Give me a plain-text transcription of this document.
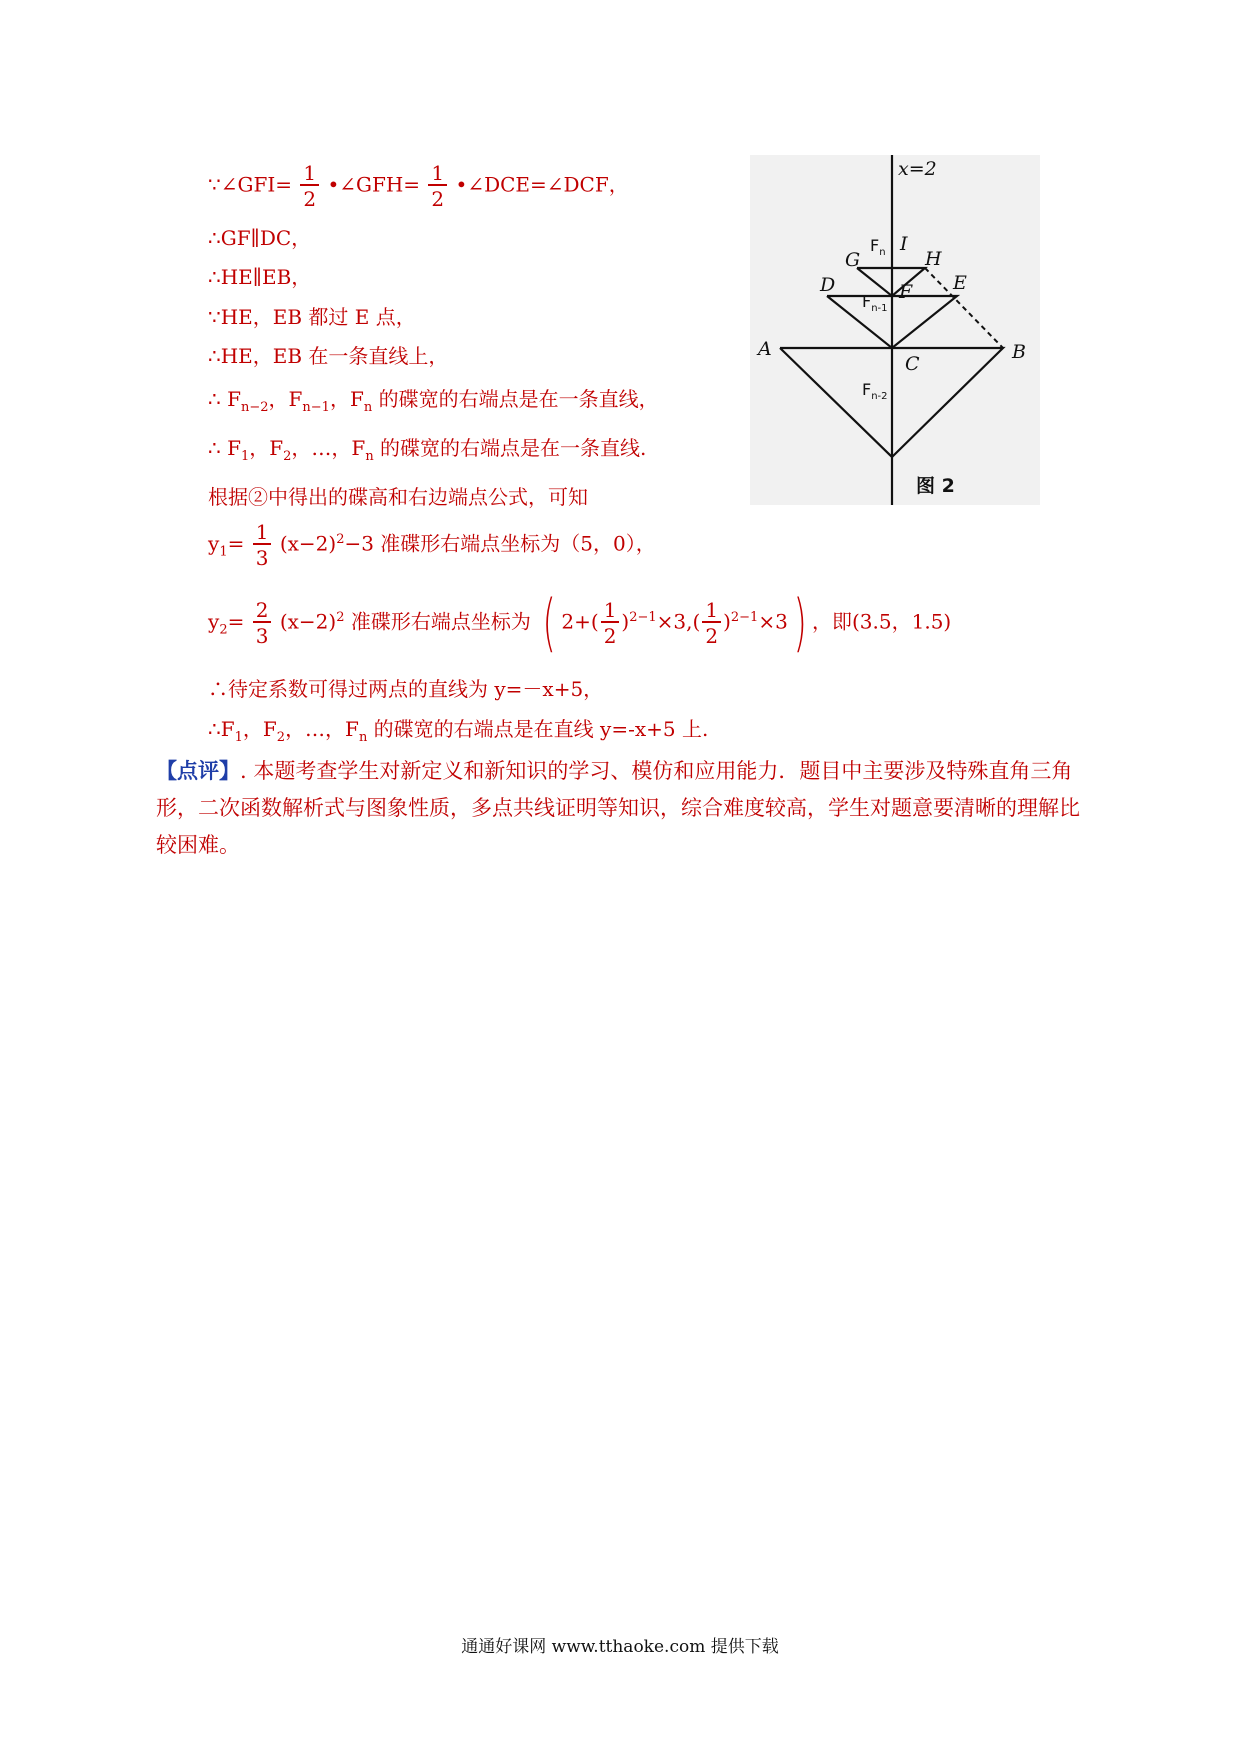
∵∠GFI= $\frac{1}{2}$ •∠GFH= $\frac{1}{2}$ •∠DCE=∠DCF，
∴GF∥DC，
∴HE∥EB，
∵HE，EB 都过 E 点，
∴HE，EB 在一条直线上，
∴ $F_{n-2}$，$F_{n-1}$，$F_n$ 的碟宽的右端点是在一条直线，
∴ $F_1$，$F_2$，…，$F_n$ 的碟宽的右端点是在一条直线.
根据②中得出的碟高和右边端点公式，可知
$y_1= \frac{1}{3} (x-2)^2-3$ 准碟形右端点坐标为（5，0），
$y_2= \frac{2}{3} (x-2)^2$ 准碟形右端点坐标为 ( $2+( \frac{1}{2} )^{2-1}\times 3,( \frac{1}{2} )^{2-1}\times 3$) ，即(3.5，1.5)
∴待定系数可得过两点的直线为 y=－x+5，
$\therefore F_1$，$F_2$，…，$F_n$ 的碟宽的右端点是在直线 y=-x+5 上.
【点评】. 本题考查学生对新定义和新知识的学习、模仿和应用能力．题目中主要涉及特殊直角三角形，二次函数解析式与图象性质，多点共线证明等知识，综合难度较高，学生对题意要清晰的理解比较困难。
x=2
A	B
C
D	E
F
G	H
I
$F_n$
$F_{n-1}$
$F_{n-2}$
图 2
通通好课网 www.tthaoke.com 提供下载
